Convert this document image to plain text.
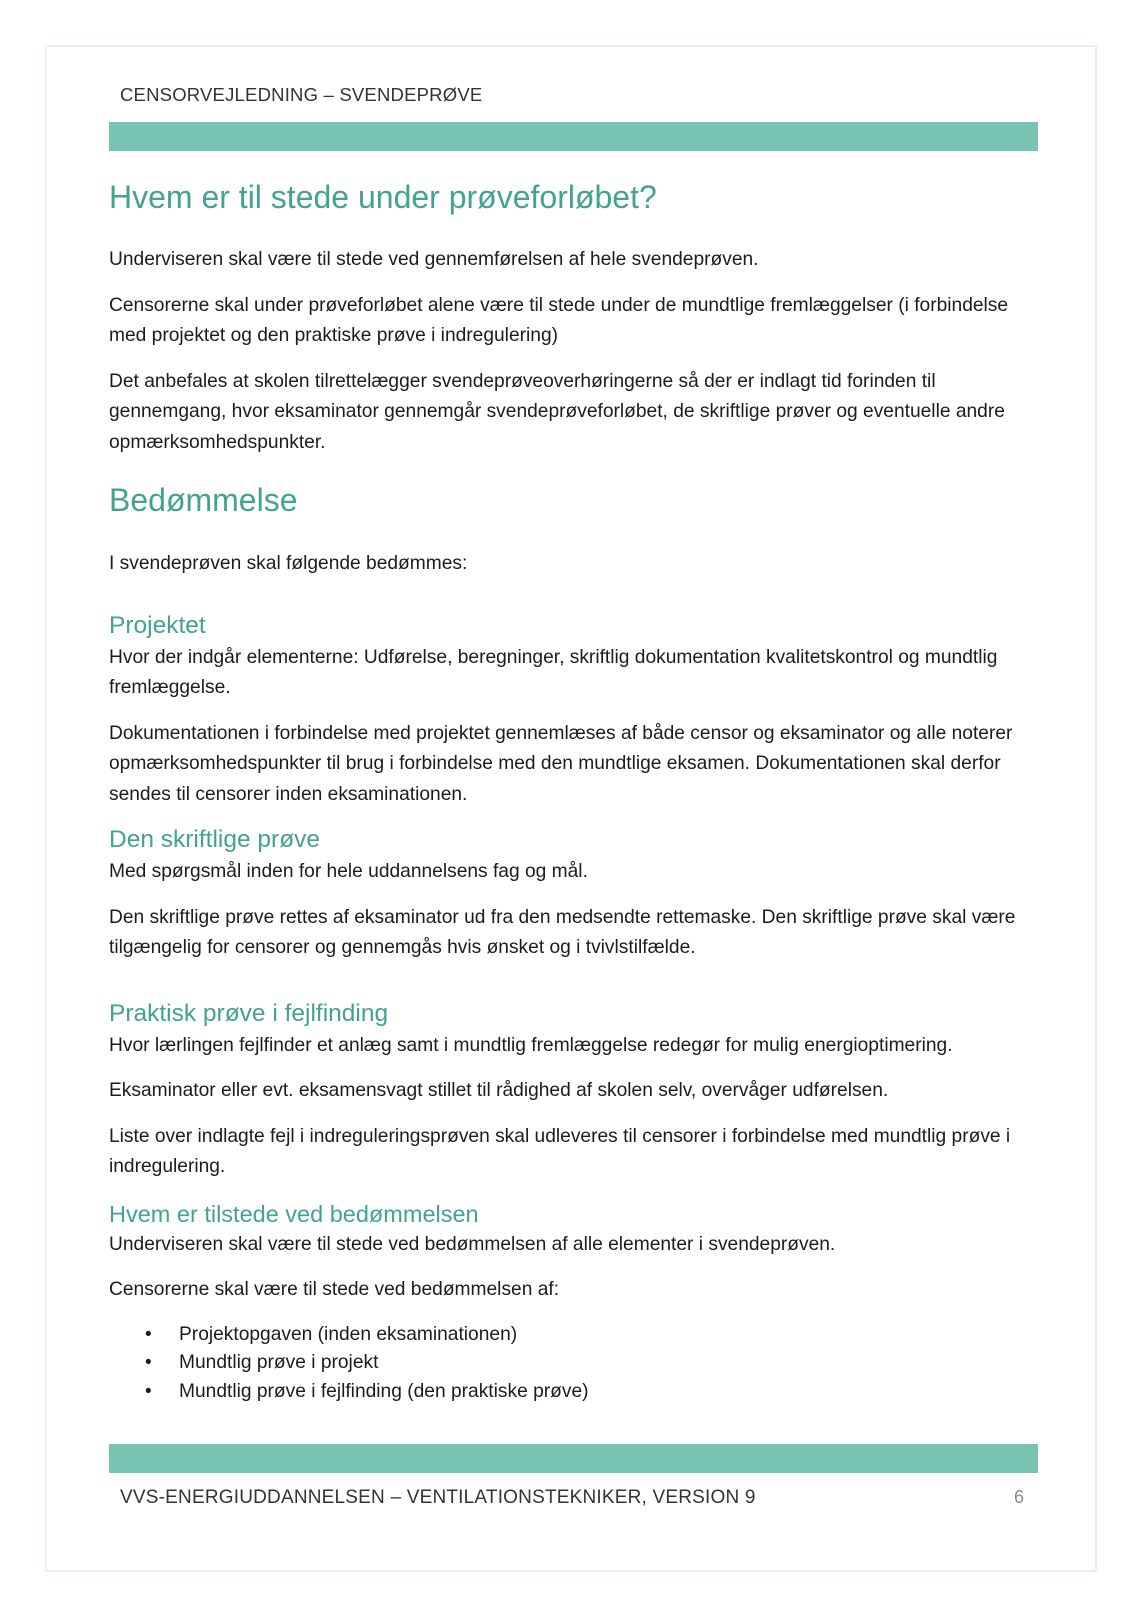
CENSORVEJLEDNING – SVENDEPRØVE
Hvem er til stede under prøveforløbet?

Underviseren skal være til stede ved gennemførelsen af hele svendeprøven.

Censorerne skal under prøveforløbet alene være til stede under de mundtlige fremlæggelser (i forbindelse med projektet og den praktiske prøve i indregulering)

Det anbefales at skolen tilrettelægger svendeprøveoverhøringerne så der er indlagt tid forinden til gennemgang, hvor eksaminator gennemgår svendeprøveforløbet, de skriftlige prøver og eventuelle andre opmærksomhedspunkter.

Bedømmelse

I svendeprøven skal følgende bedømmes:

Projektet

Hvor der indgår elementerne: Udførelse, beregninger, skriftlig dokumentation kvalitetskontrol og mundtlig fremlæggelse.

Dokumentationen i forbindelse med projektet gennemlæses af både censor og eksaminator og alle noterer opmærksomhedspunkter til brug i forbindelse med den mundtlige eksamen. Dokumentationen skal derfor sendes til censorer inden eksaminationen.

Den skriftlige prøve

Med spørgsmål inden for hele uddannelsens fag og mål.

Den skriftlige prøve rettes af eksaminator ud fra den medsendte rettemaske. Den skriftlige prøve skal være tilgængelig for censorer og gennemgås hvis ønsket og i tvivlstilfælde.

Praktisk prøve i fejlfinding

Hvor lærlingen fejlfinder et anlæg samt i mundtlig fremlæggelse redegør for mulig energioptimering.

Eksaminator eller evt. eksamensvagt stillet til rådighed af skolen selv, overvåger udførelsen.

Liste over indlagte fejl i indreguleringsprøven skal udleveres til censorer i forbindelse med mundtlig prøve i indregulering.

Hvem er tilstede ved bedømmelsen

Underviseren skal være til stede ved bedømmelsen af alle elementer i svendeprøven.

Censorerne skal være til stede ved bedømmelsen af:

• Projektopgaven (inden eksaminationen)
• Mundtlig prøve i projekt
• Mundtlig prøve i fejlfinding (den praktiske prøve)
VVS-ENERGIUDDANNELSEN – VENTILATIONSTEKNIKER, VERSION 9	6
